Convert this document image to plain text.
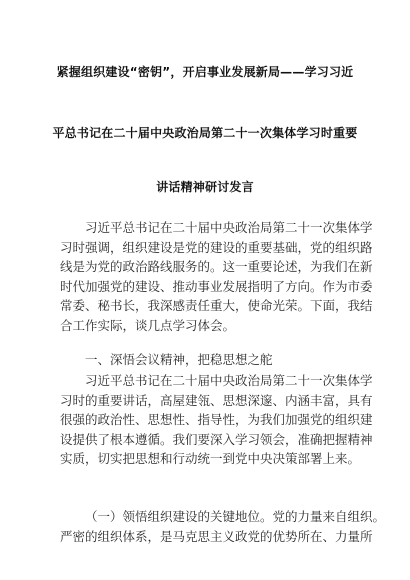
紧握组织建设“密钥”，开启事业发展新局——学习习近
平总书记在二十届中央政治局第二十一次集体学习时重要
讲话精神研讨发言
习近平总书记在二十届中央政治局第二十一次集体学
习时强调，组织建设是党的建设的重要基础，党的组织路
线是为党的政治路线服务的。这一重要论述，为我们在新
时代加强党的建设、推动事业发展指明了方向。作为市委
常委、秘书长，我深感责任重大，使命光荣。下面，我结
合工作实际，谈几点学习体会。
一、深悟会议精神，把稳思想之舵
习近平总书记在二十届中央政治局第二十一次集体学
习时的重要讲话，高屋建瓴、思想深邃、内涵丰富，具有
很强的政治性、思想性、指导性，为我们加强党的组织建
设提供了根本遵循。我们要深入学习领会，准确把握精神
实质，切实把思想和行动统一到党中央决策部署上来。
（一）领悟组织建设的关键地位。党的力量来自组织。
严密的组织体系，是马克思主义政党的优势所在、力量所
